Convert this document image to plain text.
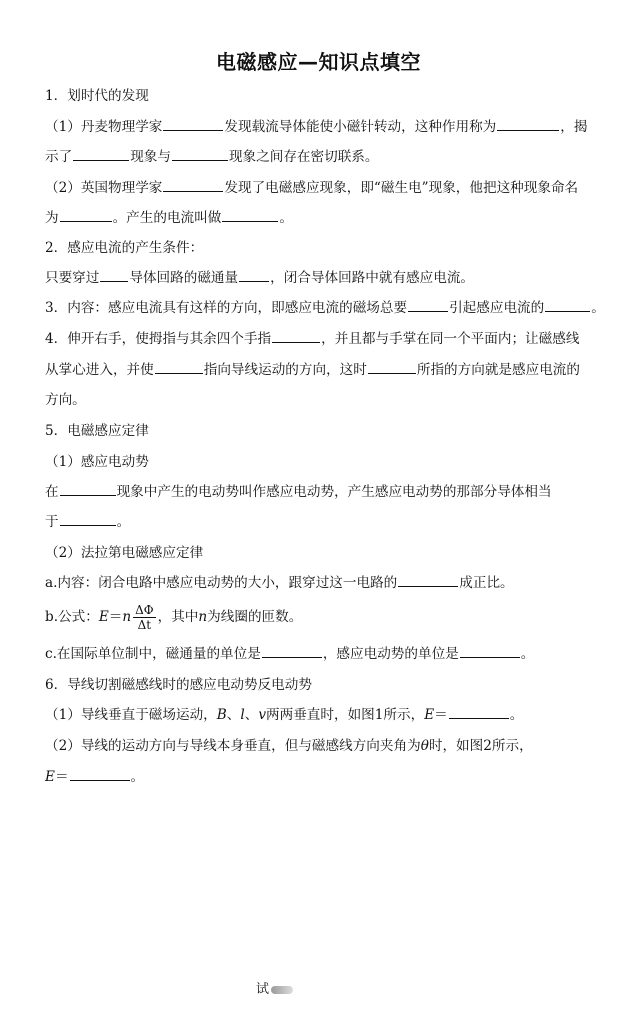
电磁感应—知识点填空
1．划时代的发现
（1）丹麦物理学家	发现载流导体能使小磁针转动，这种作用称为	，揭
示了	现象与	现象之间存在密切联系。
（2）英国物理学家	发现了电磁感应现象，即“磁生电”现象，他把这种现象命名
为	。产生的电流叫做	。
2．感应电流的产生条件：
只要穿过 导体回路的磁通量 ，闭合导体回路中就有感应电流。
3．内容：感应电流具有这样的方向，即感应电流的磁场总要	引起感应电流的	。
4．伸开右手，使拇指与其余四个手指	，并且都与手掌在同一个平面内；让磁感线
从掌心进入，并使	指向导线运动的方向，这时	所指的方向就是感应电流的
方向。
5．电磁感应定律
（1）感应电动势
在	现象中产生的电动势叫作感应电动势，产生感应电动势的那部分导体相当
于	。
（2）法拉第电磁感应定律
a.内容：闭合电路中感应电动势的大小，跟穿过这一电路的	成正比。
b.公式：$E=n \frac{\Delta\Phi}{\Delta t}$ ，其中n为线圈的匝数。
c.在国际单位制中，磁通量的单位是	，感应电动势的单位是	。
6．导线切割磁感线时的感应电动势反电动势
（1）导线垂直于磁场运动，B、l、v两两垂直时，如图1所示，E＝	。
（2）导线的运动方向与导线本身垂直，但与磁感线方向夹角为θ时，如图2所示，
E＝	。
试
